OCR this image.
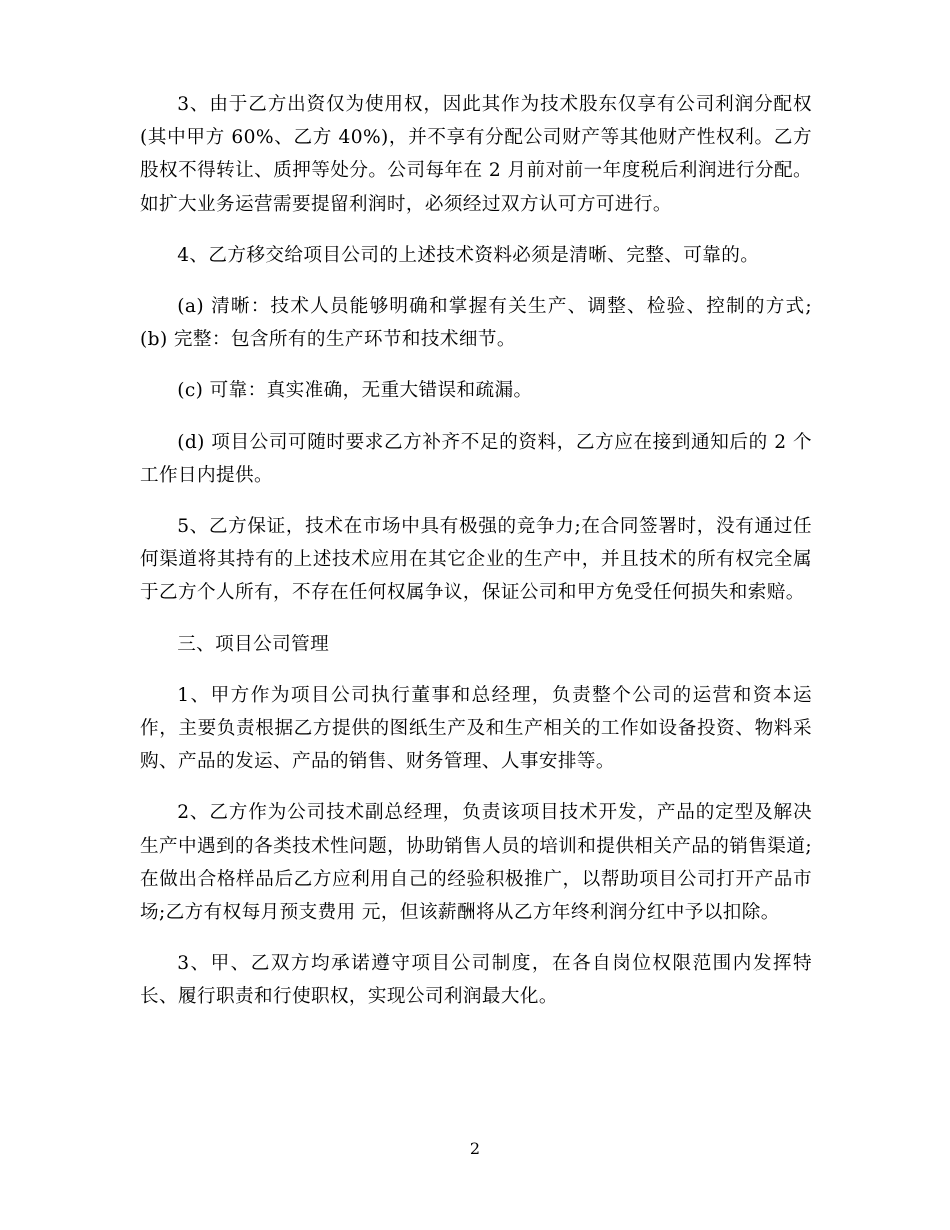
3、由于乙方出资仅为使用权，因此其作为技术股东仅享有公司利润分配权(其中甲方 60%、乙方 40%)，并不享有分配公司财产等其他财产性权利。乙方股权不得转让、质押等处分。公司每年在 2 月前对前一年度税后利润进行分配。如扩大业务运营需要提留利润时，必须经过双方认可方可进行。

4、乙方移交给项目公司的上述技术资料必须是清晰、完整、可靠的。

(a) 清晰：技术人员能够明确和掌握有关生产、调整、检验、控制的方式; (b) 完整：包含所有的生产环节和技术细节。

(c) 可靠：真实准确，无重大错误和疏漏。

(d) 项目公司可随时要求乙方补齐不足的资料，乙方应在接到通知后的 2 个工作日内提供。

5、乙方保证，技术在市场中具有极强的竞争力;在合同签署时，没有通过任何渠道将其持有的上述技术应用在其它企业的生产中，并且技术的所有权完全属于乙方个人所有，不存在任何权属争议，保证公司和甲方免受任何损失和索赔。

三、项目公司管理

1、甲方作为项目公司执行董事和总经理，负责整个公司的运营和资本运作，主要负责根据乙方提供的图纸生产及和生产相关的工作如设备投资、物料采购、产品的发运、产品的销售、财务管理、人事安排等。

2、乙方作为公司技术副总经理，负责该项目技术开发，产品的定型及解决生产中遇到的各类技术性问题，协助销售人员的培训和提供相关产品的销售渠道;在做出合格样品后乙方应利用自己的经验积极推广，以帮助项目公司打开产品市场;乙方有权每月预支费用 元，但该薪酬将从乙方年终利润分红中予以扣除。

3、甲、乙双方均承诺遵守项目公司制度，在各自岗位权限范围内发挥特长、履行职责和行使职权，实现公司利润最大化。

2
